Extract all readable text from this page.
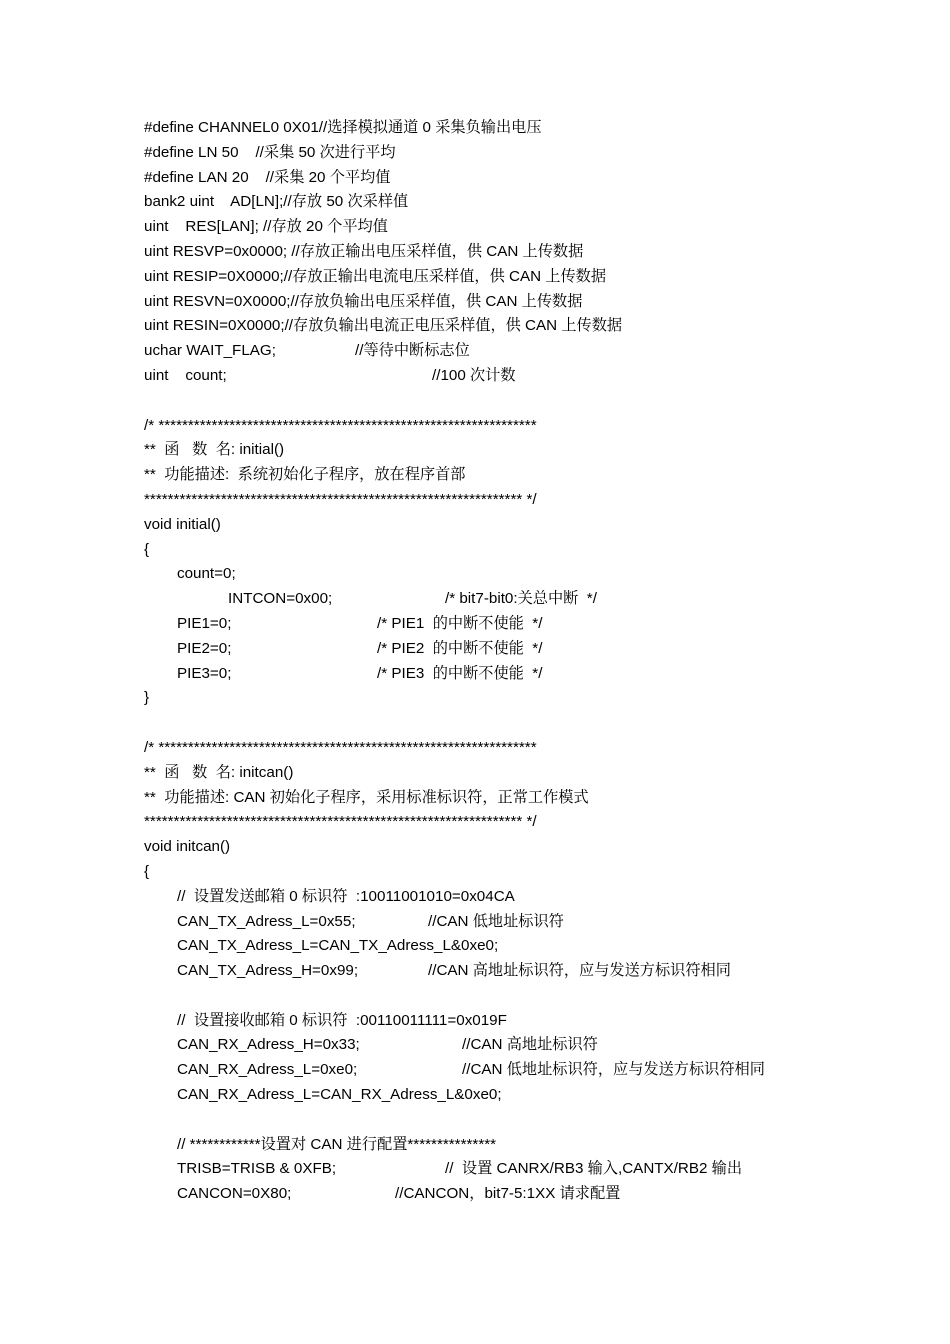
#define CHANNEL0 0X01//选择模拟通道 0 采集负输出电压
#define LN 50    //采集 50 次进行平均
#define LAN 20    //采集 20 个平均值
bank2 uint    AD[LN];//存放 50 次采样值
uint    RES[LAN]; //存放 20 个平均值
uint RESVP=0x0000; //存放正输出电压采样值，供 CAN 上传数据
uint RESIP=0X0000;//存放正输出电流电压采样值，供 CAN 上传数据
uint RESVN=0X0000;//存放负输出电压采样值，供 CAN 上传数据
uint RESIN=0X0000;//存放负输出电流正电压采样值，供 CAN 上传数据
uchar WAIT_FLAG;	//等待中断标志位
uint    count;	//100 次计数
/* ****************************************************************
**  函   数  名: initial()
**  功能描述:  系统初始化子程序，放在程序首部
**************************************************************** */
void initial()
{
count=0;
INTCON=0x00;	/* bit7-bit0:关总中断  */
PIE1=0;	/* PIE1  的中断不使能  */
PIE2=0;	/* PIE2  的中断不使能  */
PIE3=0;	/* PIE3  的中断不使能  */
}
/* ****************************************************************
**  函   数  名: initcan()
**  功能描述: CAN 初始化子程序，采用标准标识符，正常工作模式
**************************************************************** */
void initcan()
{
//  设置发送邮箱 0 标识符  :10011001010=0x04CA
CAN_TX_Adress_L=0x55;	//CAN 低地址标识符
CAN_TX_Adress_L=CAN_TX_Adress_L&0xe0;
CAN_TX_Adress_H=0x99;	//CAN 高地址标识符，应与发送方标识符相同
//  设置接收邮箱 0 标识符  :00110011111=0x019F
CAN_RX_Adress_H=0x33;	//CAN 高地址标识符
CAN_RX_Adress_L=0xe0;	//CAN 低地址标识符，应与发送方标识符相同
CAN_RX_Adress_L=CAN_RX_Adress_L&0xe0;
// ************设置对 CAN 进行配置***************
TRISB=TRISB & 0XFB;	//  设置 CANRX/RB3 输入,CANTX/RB2 输出
CANCON=0X80;	//CANCON，bit7-5:1XX 请求配置
